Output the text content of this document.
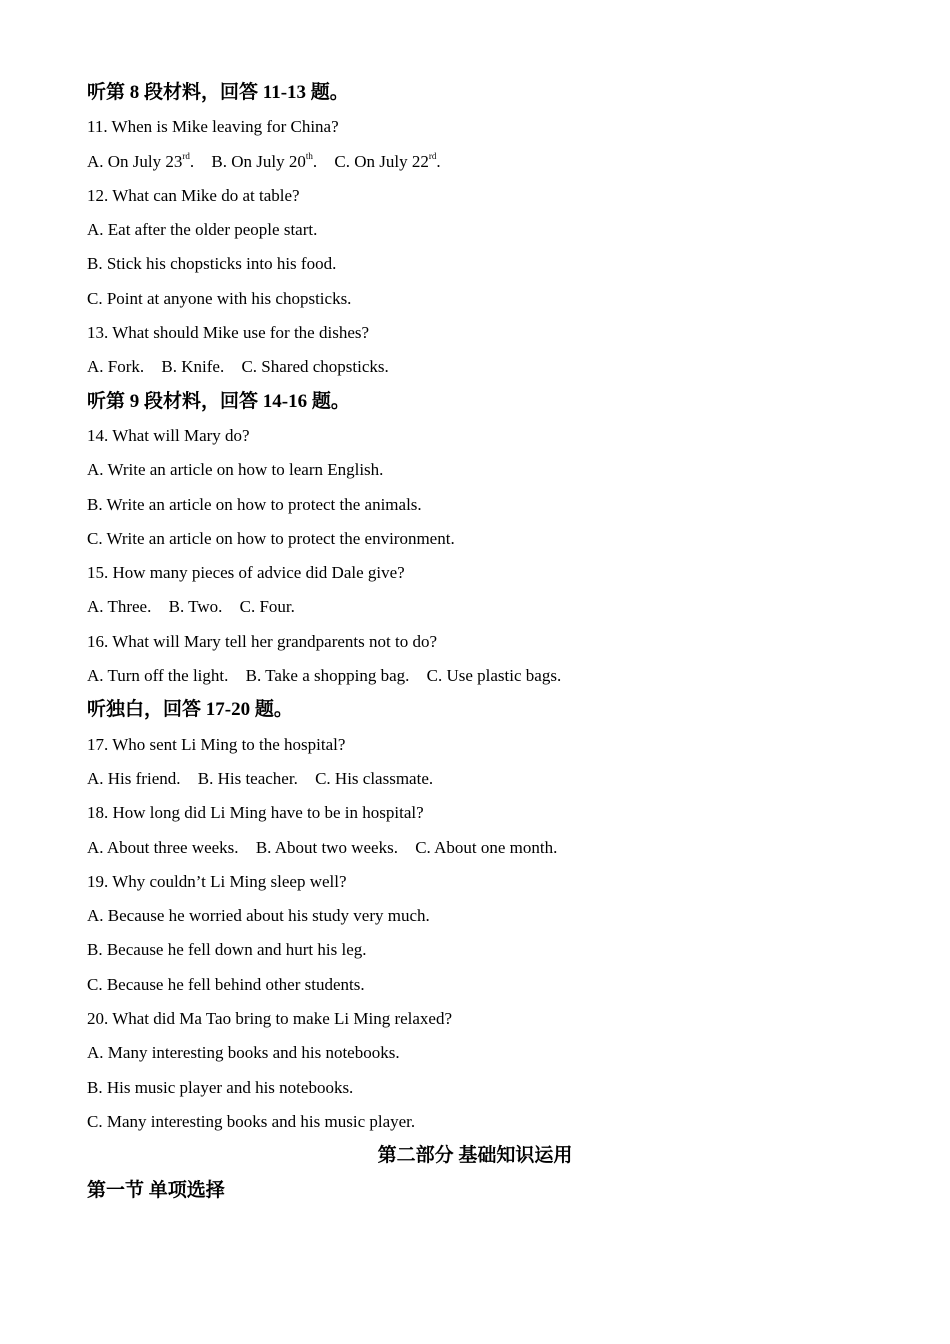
听第 8 段材料，回答 11-13 题。
11. When is Mike leaving for China?
A. On July 23rd. B. On July 20th. C. On July 22rd.
12. What can Mike do at table?
A. Eat after the older people start.
B. Stick his chopsticks into his food.
C. Point at anyone with his chopsticks.
13. What should Mike use for the dishes?
A. Fork. B. Knife. C. Shared chopsticks.
听第 9 段材料，回答 14-16 题。
14. What will Mary do?
A. Write an article on how to learn English.
B. Write an article on how to protect the animals.
C. Write an article on how to protect the environment.
15. How many pieces of advice did Dale give?
A. Three. B. Two. C. Four.
16. What will Mary tell her grandparents not to do?
A. Turn off the light. B. Take a shopping bag. C. Use plastic bags.
听独白，回答 17-20 题。
17. Who sent Li Ming to the hospital?
A. His friend. B. His teacher. C. His classmate.
18. How long did Li Ming have to be in hospital?
A. About three weeks. B. About two weeks. C. About one month.
19. Why couldn’t Li Ming sleep well?
A. Because he worried about his study very much.
B. Because he fell down and hurt his leg.
C. Because he fell behind other students.
20. What did Ma Tao bring to make Li Ming relaxed?
A. Many interesting books and his notebooks.
B. His music player and his notebooks.
C. Many interesting books and his music player.
第二部分 基础知识运用
第一节 单项选择
